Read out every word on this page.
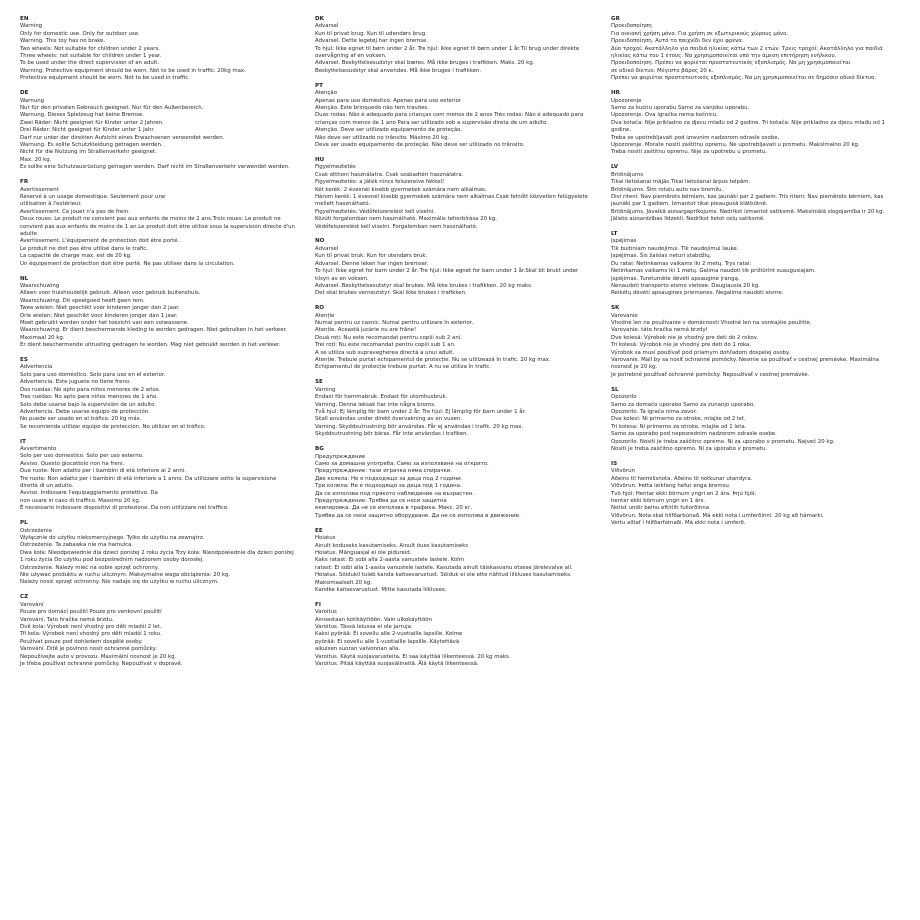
EN
Warning
Only for domestic use. Only for outdoor use.
Warning. This toy has no brake.
Two wheels: Not suitable for children under 2 years.
Three wheels: not suitable for children under 1 year.
To be used under the direct supervision of an adult.
Warning. Protective equipment should be worn. Not to be used in traffic. 20kg max.
Protective equipment should be worn. Not to be used in traffic.
DE
Warnung
Nur für den privaten Gebrauch geeignet. Nur für den Außenbereich.
Warnung. Dieses Spielzeug hat keine Bremse.
Zwei Räder: Nicht geeignet für Kinder unter 2 Jahren.
Drei Räder: Nicht geeignet für Kinder unter 1 Jahr.
Darf nur unter der direkten Aufsicht eines Erwachsenen verwendet werden.
Warnung. Es sollte Schutzkleidung getragen werden.
Nicht für die Nutzung im Straßenverkehr geeignet.
Max. 20 kg.
Es sollte eine Schutzausrüstung getragen werden. Darf nicht im Straßenverkehr verwendet werden.
FR
Avertissement
Réservé à un usage domestique. Seulement pour une
utilisation à l'extérieur.
Avertissement. Ce jouet n'a pas de frein.
Deux roues: Le produit ne convient pas aux enfants de moins de 2 ans.Trois roues: Le produit ne
convient pas aux enfants de moins de 1 an.Le produit doit être utilisé sous la supervision directe d'un
adulte.
Avertissement. L'équipement de protection doit être porté.
Le produit ne doit pas être utilisé dans le trafic.
La capacité de charge max. est de 20 kg.
Un équipement de protection doit être porté. Ne pas utiliser dans la circulation.
NL
Waarschuwing
Alleen voor huishoudelijk gebruik. Alleen voor gebruik buitenshuis.
Waarschuwing. Dit speelgoed heeft geen rem.
Twee wielen: Niet geschikt voor kinderen jonger dan 2 jaar.
Drie wielen: Niet geschikt voor kinderen jonger dan 1 jaar.
Moet gebruikt worden onder het toezicht van een volwassene.
Waarschuwing. Er dient beschermende kleding te worden gedragen. Niet gebruiken in het verkeer.
Maximaal 20 kg.
Er dient beschermende uitrusting gedragen te worden. Mag niet gebruikt worden in het verkeer.
ES
Advertencia
Solo para uso doméstico. Solo para uso en el exterior.
Advertencia. Este juguete no tiene freno.
Dos ruedas: No apto para niños menores de 2 años.
Tres ruedas: No apto para niños menores de 1 año.
Solo debe usarse bajo la supervisión de un adulto.
Advertencia. Debe usarse equipo de protección.
No puede ser usado en el tráfico. 20 kg máx.
Se recomienda utilizar equipo de protección. No utilizar en el tráfico.
IT
Avvertimento
Solo per uso domestico. Solo per uso esterno.
Avviso. Questo giocattolo non ha freni.
Due ruote: Non adatto per i bambini di età inferiore ai 2 anni.
Tre ruote: Non adatto per i bambini di età inferiore a 1 anno. Da utilizzare sotto la supervisione
diretta di un adulto.
Avviso. Indossare l'equipaggiamento protettivo. Da
non usare in caso di traffico. Massimo 20 kg.
È necessario indossare dispositivi di protezione. Da non utilizzare nel traffico.
PL
Ostrzeżenie
Wyłącznie do użytku niekomercyjnego. Tylko do użytku na zewnątrz.
Ostrzeżenie. Ta zabawka nie ma hamulca.
Dwa koła: Nieodpowiednie dla dzieci poniżej 2 roku życia Trzy koła: Nieodpowiednie dla dzieci poniżej
1 roku życia Do użytku pod bezpośrednim nadzorem osoby dorosłej.
Ostrzeżenie. Należy mieć na sobie sprzęt ochronny.
Nie używać produktu w ruchu ulicznym. Maksymalne waga obciążenia: 20 kg.
Należy nosić sprzęt ochronny. Nie nadaje się do użytku w ruchu ulicznym.
CZ
Varování
Pouze pro domácí použití Pouze pro venkovní použití
Varování. Tato hračka nemá brzdu.
Dvě kola: Výrobek není vhodný pro děti mladší 2 let.
Tři kola: Výrobek není vhodný pro děti mladší 1 roku.
Používat pouze pod dohledem dospělé osoby.
Varování. Dítě je povinno nosit ochranné pomůcky.
Nepoužívejte auto v provozu. Maximální nosnost je 20 kg.
Je třeba používat ochranné pomůcky. Nepoužívat v dopravě.
DK
Advarsel
Kun til privat brug. Kun til udendørs brug.
Advarsel. Dette legetøj har ingen bremse.
To hjul: Ikke egnet til børn under 2 år. Tre hjul: Ikke egnet til børn under 1 år.Til brug under direkte
overvågning af en voksen.
Advarsel. Beskyttelsesudstyr skal bæres. Må ikke bruges i trafikken. Maks. 20 kg.
Beskyttelsesudstyr skal anvendes. Må ikke bruges i trafikken.
PT
Atenção
Apenas para uso doméstico. Apenas para uso exterior
Atenção. Este brinquedo não tem travões.
Duas rodas: Não é adequado para crianças com menos de 2 anos Três rodas: Não é adequado para
crianças com menos de 1 ano Para ser utilizado sob a supervisão direta de um adulto.
Atenção. Deve ser utilizado equipamento de proteção.
Não deve ser utilizado no trânsito. Máximo 20 kg.
Deve ser usado equipamento de proteção. Não deve ser utilizado no trânsito.
HU
Figyelmeztetés
Csak otthoni használatra. Csak szabadtéri használatra.
Figyelmeztetés: a játék nincs felszerelve fékkel!
Két kerék: 2 évesnél kisebb gyermekek számára nem alkalmas.
Három kerék: 1 évesnél kisebb gyermekek számára nem alkalmas.Csak felnőtt közvetlen felügyelete
mellett használható.
Figyelmeztetés: Védőfelszerelést kell viselni.
Közúti forgalomban nem használható. Maximális teherbírása 20 kg.
Védőfelszerelést kell viselni. Forgalomban nem használható.
NO
Advarsel
Kun til privat bruk. Kun for utendørs bruk.
Advarsel. Denne leken har ingen bremser.
To hjul: Ikke egnet for barn under 2 år. Tre hjul: Ikke egnet for barn under 1 år.Skal bli brukt under
tilsyn av en voksen.
Advarsel. Beskyttelsesutstyr skal brukes. Må ikke brukes i trafikken. 20 kg maks.
Det skal brukes verneutstyr. Skal ikke brukes i trafikken.
RO
Atenție
Numai pentru uz casnic. Numai pentru utilizare în exterior.
Atenție. Această jucărie nu are frâne!
Două roți: Nu este recomandat pentru copiii sub 2 ani.
Trei roți: Nu este recomandat pentru copiii sub 1 an.
A se utiliza sub supravegherea directă a unui adult.
Atenție. Trebuie purtat echipamentul de protecție. Nu se utilizează în trafic. 20 kg max.
Echipamentul de protecție trebuie purtat. A nu se utiliza în trafic.
SE
Varning
Endast för hemmabruk. Endast för utomhusbruk.
Varning. Denna leksak har inte några broms.
Två hjul: Ej lämplig för barn under 2 år. Tre hjul: Ej lämplig för barn under 1 år.
Skall användas under direkt övervakning av en vuxen.
Varning. Skyddsutrustning bör användas. Får ej användas i trafik. 20 kg max.
Skyddsutrustning bör bäras. Får inte användas i trafiken.
BG
Предупреждение
Само за домашна употреба. Само за използване на открито.
Предупреждение: тази играчка няма спирачки.
Две колела: Не е подходящо за деца под 2 години.
Три колела: Не е подходящо за деца под 1 година.
Да се използва под прякото наблюдение на възрастен.
Предупреждение: Трябва да се носи защитна
екипировка. Да не се използва в трафика. Макс. 20 кг.
Трябва да се носи защитно оборудване. Да не се използва в движение.
EE
Hoiatus
Ainult koduseks kasutamiseks. Ainult õues kasutamiseks
Hoiatus. Mänguasjal ei ole pidureid.
Kaks ratast: Ei sobi alla 2-aasta vanustele lastele. Kolm
ratast: Ei sobi alla 1-aasta vanustele lastele. Kasutada ainult täiskasvanu otsese järelevalve all.
Hoiatus. Sõidukil tuleb kanda kaitsevarustust. Sõiduk ei ole ette nähtud liikluses kasutamiseks.
Maksimaalselt 20 kg.
Kandke kaitsevarustust. Mitte kasutada liikluses.
FI
Varoitus
Ainoastaan kotikäyttöön. Vain ulkokäyttöön
Varoitus. Tässä lelussa ei ole jarruja.
Kaksi pyörää: Ei sovellu alle 2-vuotiaille lapsille. Kolme
pyörää: Ei sovellu alle 1-vuotiaille lapsille. Käytettävä
aikuisen suoran valvonnan alla.
Varoitus. Käytä suojavarusteita. Ei saa käyttää liikenteessä. 20 kg maks.
Varoitus. Pitää käyttää suojavälineitä. Älä käytä liikenteessä.
GR
Προειδοποίηση
Για οικιακή χρήση μόνο. Για χρήση σε εξωτερικούς χώρους μόνο.
Προειδοποίηση. Αυτό το παιχνίδι δεν έχει φρένα.
Δύο τροχοί: Ακατάλληλο για παιδιά ηλικίας κάτω των 2 ετών. Τρεις τροχοί: Ακατάλληλο για παιδιά
ηλικίας κάτω του 1 έτους. Να χρησιμοποιείται υπό την άμεση επιτήρηση ενήλικου.
Προειδοποίηση. Πρέπει να φοριέται προστατευτικός εξοπλισμός. Να μη χρησιμοποιείται
σε οδικό δίκτυο. Μέγιστο βάρος 20 κ.
Πρέπει να φοριέται προστατευτικός εξοπλισμός. Να μη χρησιμοποιείται σε δημόσιο οδικό δίκτυο.
HR
Upozorenje
Samo za kućnu uporabu Samo za vanjsku uporabu.
Upozorenje. Ova igračka nema kočnicu.
Dva kotača: Nije prikladno za djecu mlađu od 2 godine. Tri kotača: Nije prikladno za djecu mlađu od 1
godine.
Treba se upotrebljavati pod izravnim nadzorom odrasle osobe.
Upozorenje. Morate nositi zaštitnu opremu. Ne upotrebljavati u prometu. Maksimalno 20 kg.
Treba nositi zaštitnu opremu. Nije za upotrebu u prometu.
LV
Brīdinājums
Tikai lietošanai mājās.Tikai lietošanai ārpus telpām.
Brīdinājums. Šim rotaļu auto nav bremžu.
Divi riteni: Nav piemērots bērniem, kas jaunāki par 2 gadiem. Trīs riteni: Nav piemērots bērniem, kas
jaunāki par 1 gadiem. Izmantot tikai pieaugušā klātbūtnē.
Brīdinājums. Jāvalkā aizsargaprīkojums. Nedrīkst izmantot satiksmē. Maksimālā slogojamība ir 20 kg.
Jālieto aizsardzības līdzekli. Nedrīkst lietot ceļu satiksmē.
LT
Įspėjimas
Tik buitiniam naudojimui. Tik naudojimui lauke.
Įspėjimas. Šis žaislas neturi stabdžių.
Du ratai: Netinkamas vaikams iki 2 metų. Trys ratai:
Netinkamas vaikams iki 1 metų. Galima naudoti tik prižiūrint suaugusiajam.
Įspėjimas. Turetumėte dėvėti apsaugine įrangą.
Nenaudoti transporto eismo vietose. Daugiausia 20 kg.
Reikėtų dėvėti apsaugines priemones. Negalima naudoti eisme.
SK
Varovanie
Vhodné len na používanie v domácnosti Vhodné len na vonkajšie použitie.
Varovanie. táto hračka nemá brzdy!
Dve kolesá: Výrobok nie je vhodný pre deti do 2 rokov.
Tri kolesá: Výrobok nie je vhodný pre deti do 1 roka.
Výrobok sa musí používať pod priamym dohľadom dospelej osoby.
Varovanie. Malí by sa nosiť ochranné pomôcky. Nesmie sa používať v cestnej premávke. Maximálna
nosnosť je 20 kg.
Je potrebné používať ochranné pomôcky. Nepoužívať v cestnej premávke.
SL
Opozorilo
Samo za domačo uporabo Samo za zunanjo uporabo.
Opozorilo. Ta igrača nima zavor.
Dve kolesi: Ni primerno za otroke, mlajše od 2 let.
Tri kolesa: Ni primerno za otroke, mlajše od 1 leta.
Samo za uporabo pod neposrednim nadzorom odrasle osebe.
Opozorilo. Nositi je treba zaščitno opremo. Ni za uporabo v prometu. Največ 20 kg.
Nositi je treba zaščitno opremo. Ni za uporabo v prometu.
IS
Viðvörun
Aðeins til heimilisnota. Aðeins til notkunar utandyra.
Viðvörun. Þetta leikfang hefur enga bremsu.
Tvö hjól: Hentar ekki börnum yngri en 2 ára. Þrjú hjól:
hentar ekki börnum yngri en 1 árs.
Notist undir beinu eftirliti fullorðinna
Viðvörun. Nota skal hlífðarbúnað. Má ekki nota í umferðinni. 20 kg að hámarki.
Vertu alltaf í hlífðarfatnaði. Má ekki nota í umferð.
